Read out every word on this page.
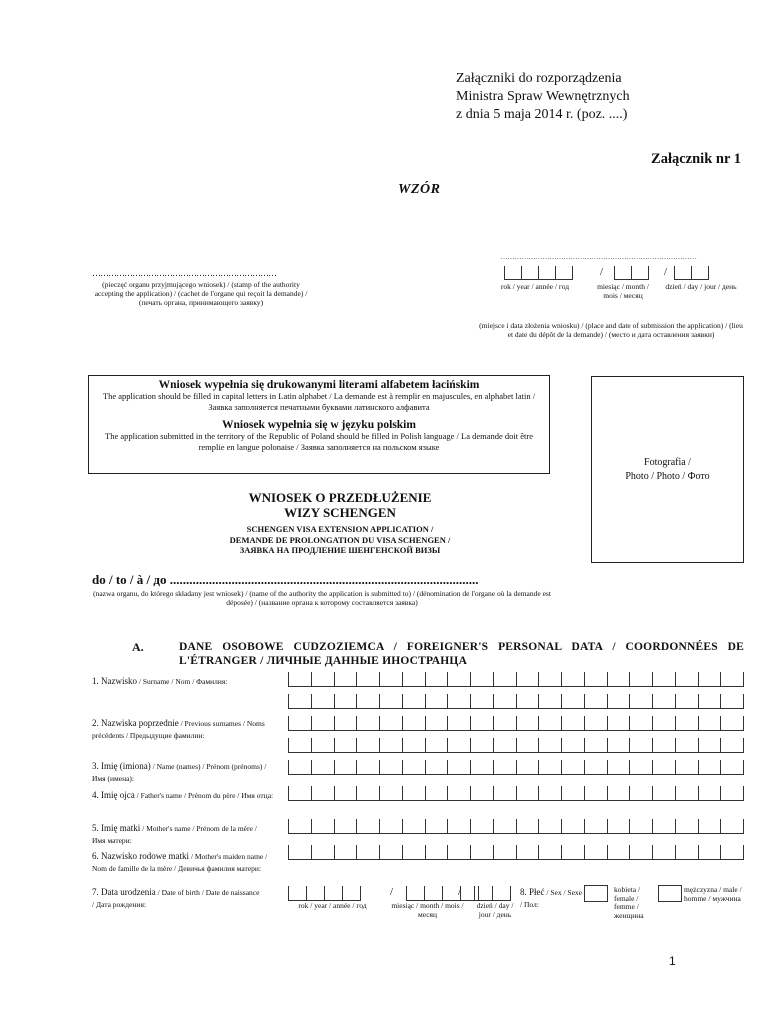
Załączniki do rozporządzenia
Ministra Spraw Wewnętrznych
z dnia 5 maja 2014 r. (poz. ....)
Załącznik nr 1
WZÓR
……………………………………………………………
(pieczęć organu przyjmującego wniosek) / (stamp of the authority accepting the application) / (cachet de l'organe qui reçoit la demande) / (печать органа, принимающего заявку)
…………………………………………………………………………
/	/
rok / year / année / год	miesiąc / month / mois / месяц
dzień / day / jour / день
(miejsce i data złożenia wniosku) / (place and date of submission the application) / (lieu et date du dépôt de la demande) / (место и дата оставления заявки)
Wniosek wypełnia się drukowanymi literami alfabetem łacińskim
The application should be filled in capital letters in Latin alphabet / La demande est à remplir en majuscules, en alphabet latin / Заявка заполняется печатными буквами латинского алфавита
Wniosek wypełnia się w języku polskim
The application submitted in the territory of the Republic of Poland should be filled in Polish language / La demande doit être remplie en langue polonaise / Заявка заполняется на польском языке
Fotografia /
Photo / Photo / Фото
WNIOSEK O PRZEDŁUŻENIE
WIZY SCHENGEN
SCHENGEN VISA EXTENSION APPLICATION /
DEMANDE DE PROLONGATION DU VISA SCHENGEN /
ЗАЯВКА НА ПРОДЛЕНИЕ ШЕНГЕНСКОЙ ВИЗЫ
do / to / à / до ...............................................................................................
(nazwa organu, do którego składany jest wniosek) / (name of the authority the application is submitted to) / (dénomination de l'organe où la demande est déposée) / (название органа к которому составляется заявка)
A.	DANE OSOBOWE CUDZOZIEMCA / FOREIGNER'S PERSONAL DATA / COORDONNÉES DE L'ÉTRANGER / ЛИЧНЫЕ ДАННЫЕ ИНОСТРАНЦА
1. Nazwisko / Surname / Nom / Фамилия:
2. Nazwiska poprzednie / Previous surnames / Noms précédents / Предыдущие фамилии:
3. Imię (imiona) / Name (names) / Prénom (prénoms) / Имя (имена):
4. Imię ojca / Father's name / Prénom du père / Имя отца:
5. Imię matki / Mother's name / Prénom de la mère / Имя матери:
6. Nazwisko rodowe matki / Mother's maiden name / Nom de famille de la mère / Девичья фамилия матери:
7. Data urodzenia / Date of birth / Date de naissance / Дата рождения:
/	/
rok / year / année / год	miesiąc / month / mois / месяц
dzień / day / jour / день
8. Płeć / Sex / Sexe / Пол:
kobieta / female / femme / женщина
mężczyzna / male / homme / мужчина
1
